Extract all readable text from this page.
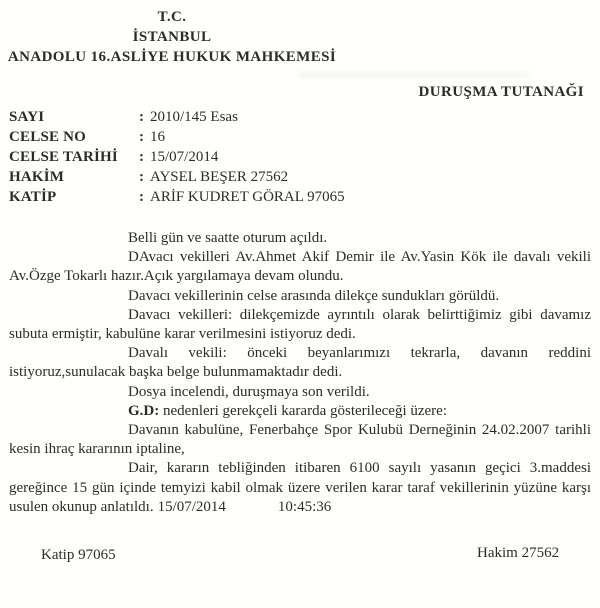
T.C.
İSTANBUL
ANADOLU 16.ASLİYE HUKUK MAHKEMESİ
DURUŞMA TUTANAĞI
SAYI	: 2010/145 Esas
CELSE NO	: 16
CELSE TARİHİ : 15/07/2014
HAKİM	: AYSEL BEŞER 27562
KATİP	: ARİF KUDRET GÖRAL 97065

Belli gün ve saatte oturum açıldı.

DAvacı vekilleri Av.Ahmet Akif Demir ile Av.Yasin Kök ile davalı vekili Av.Özge Tokarlı hazır.Açık yargılamaya devam olundu.

Davacı vekillerinin celse arasında dilekçe sundukları görüldü.

Davacı vekilleri: dilekçemizde ayrıntılı olarak belirttiğimiz gibi davamız subuta ermiştir, kabulüne karar verilmesini istiyoruz dedi.

Davalı vekili: önceki beyanlarımızı tekrarla, davanın reddini istiyoruz,sunulacak başka belge bulunmamaktadır dedi.

Dosya incelendi, duruşmaya son verildi.

G.D: nedenleri gerekçeli kararda gösterileceği üzere:

Davanın kabulüne, Fenerbahçe Spor Kulubü Derneğinin 24.02.2007 tarihli kesin ihraç kararının iptaline,

Dair, kararın tebliğinden itibaren 6100 sayılı yasanın geçici 3.maddesi gereğince 15 gün içinde temyizi kabil olmak üzere verilen karar taraf vekillerinin yüzüne karşı usulen okunup anlatıldı. 15/07/2014	10:45:36

Katip 97065	Hakim 27562
